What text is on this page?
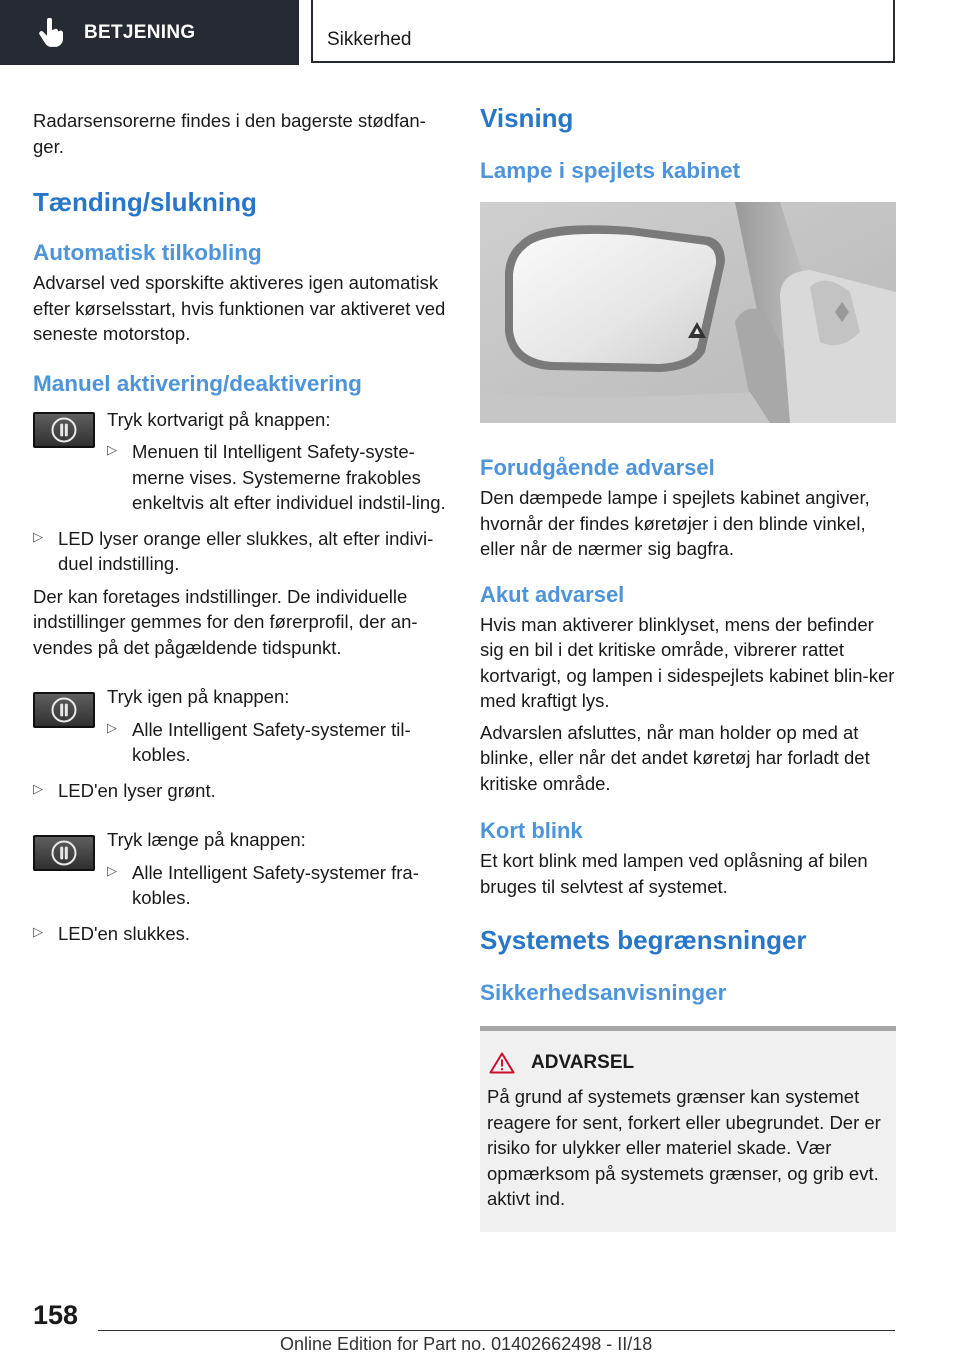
BETJENING	Sikkerhed

Radarsensorerne findes i den bagerste stødfan-ger.

Tænding/slukning
Automatisk tilkobling

Advarsel ved sporskifte aktiveres igen automatisk efter kørselsstart, hvis funktionen var aktiveret ved seneste motorstop.

Manuel aktivering/deaktivering

Tryk kortvarigt på knappen:

▷ Menuen til Intelligent Safety-syste-merne vises. Systemerne frakobles enkeltvis alt efter individuel indstil-ling.

▷ LED lyser orange eller slukkes, alt efter indivi-duel indstilling.

Der kan foretages indstillinger. De individuelle indstillinger gemmes for den førerprofil, der an-vendes på det pågældende tidspunkt.

Tryk igen på knappen:

▷ Alle Intelligent Safety-systemer til-kobles.

▷ LED'en lyser grønt.

Tryk længe på knappen:

▷ Alle Intelligent Safety-systemer fra-kobles.

▷ LED'en slukkes.

Visning
Lampe i spejlets kabinet
Forudgående advarsel

Den dæmpede lampe i spejlets kabinet angiver, hvornår der findes køretøjer i den blinde vinkel, eller når de nærmer sig bagfra.

Akut advarsel

Hvis man aktiverer blinklyset, mens der befinder sig en bil i det kritiske område, vibrerer rattet kortvarigt, og lampen i sidespejlets kabinet blin-ker med kraftigt lys.

Advarslen afsluttes, når man holder op med at blinke, eller når det andet køretøj har forladt det kritiske område.

Kort blink

Et kort blink med lampen ved oplåsning af bilen bruges til selvtest af systemet.

Systemets begrænsninger
Sikkerhedsanvisninger
ADVARSEL

På grund af systemets grænser kan systemet reagere for sent, forkert eller ubegrundet. Der er risiko for ulykker eller materiel skade. Vær opmærksom på systemets grænser, og grib evt. aktivt ind.

158
Online Edition for Part no. 01402662498 - II/18
